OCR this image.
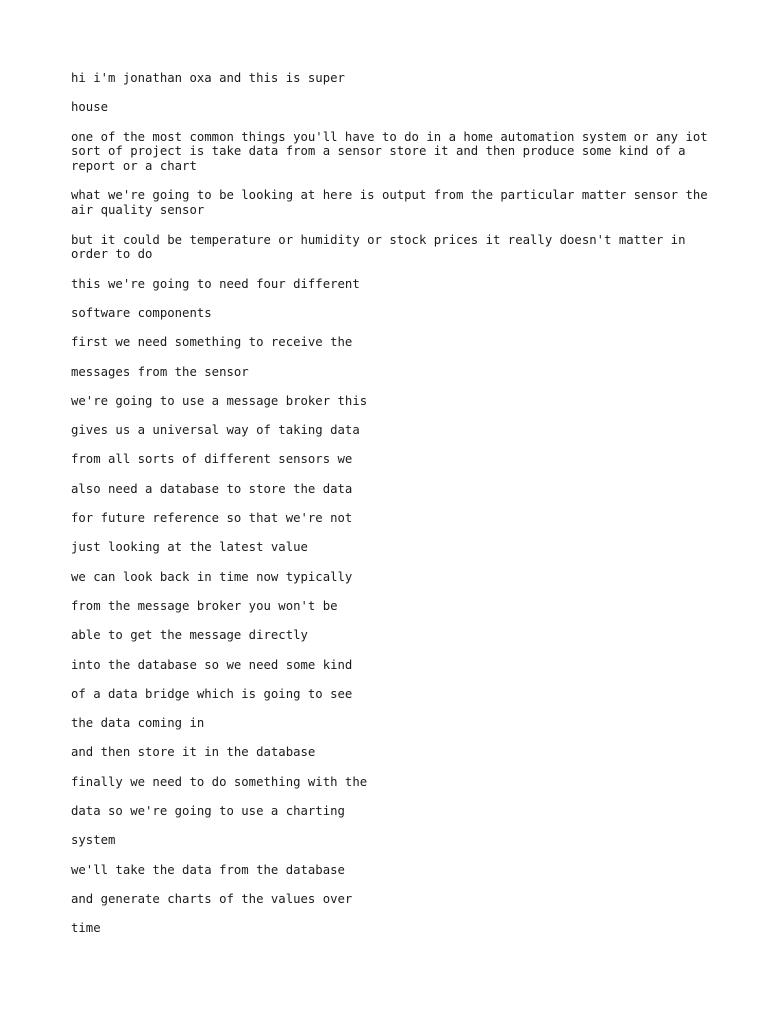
hi i'm jonathan oxa and this is super

house

one of the most common things you'll have to do in a home automation system or any iot sort of project is take data from a sensor store it and then produce some kind of a report or a chart

what we're going to be looking at here is output from the particular matter sensor the air quality sensor

but it could be temperature or humidity or stock prices it really doesn't matter in order to do

this we're going to need four different

software components

first we need something to receive the

messages from the sensor

we're going to use a message broker this

gives us a universal way of taking data

from all sorts of different sensors we

also need a database to store the data

for future reference so that we're not

just looking at the latest value

we can look back in time now typically

from the message broker you won't be

able to get the message directly

into the database so we need some kind

of a data bridge which is going to see

the data coming in

and then store it in the database

finally we need to do something with the

data so we're going to use a charting

system

we'll take the data from the database

and generate charts of the values over

time
